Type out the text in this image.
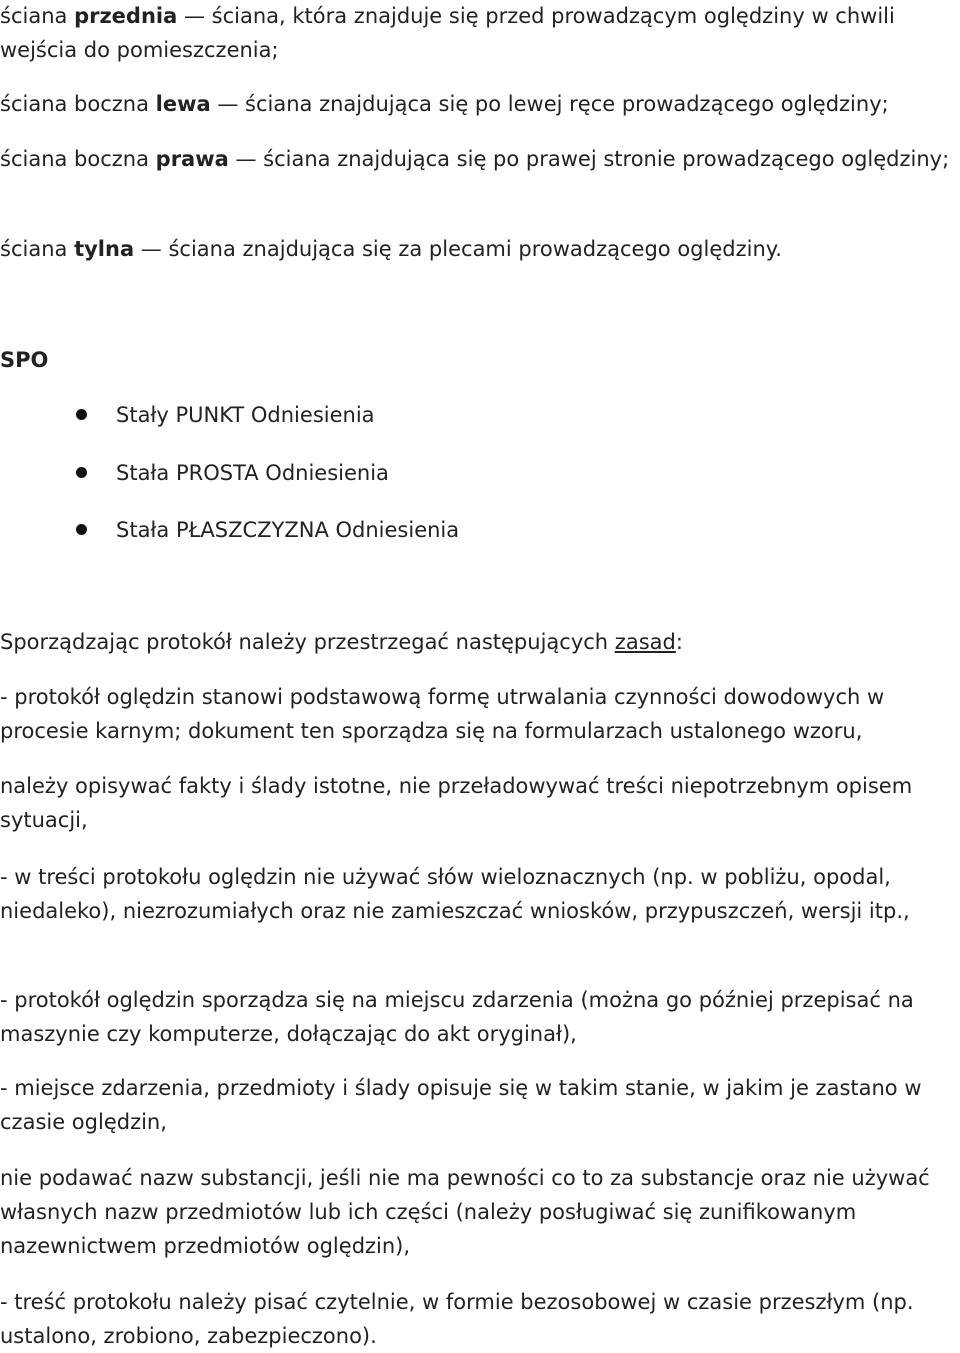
ściana przednia — ściana, która znajduje się przed prowadzącym oględziny w chwili wejścia do pomieszczenia;

ściana boczna lewa — ściana znajdująca się po lewej ręce prowadzącego oględziny;

ściana boczna prawa — ściana znajdująca się po prawej stronie prowadzącego oględziny;

ściana tylna — ściana znajdująca się za plecami prowadzącego oględziny.

SPO

Stały PUNKT Odniesienia
Stała PROSTA Odniesienia
Stała PŁASZCZYZNA Odniesienia

Sporządzając protokół należy przestrzegać następujących zasad:

- protokół oględzin stanowi podstawową formę utrwalania czynności dowodowych w procesie karnym; dokument ten sporządza się na formularzach ustalonego wzoru,

należy opisywać fakty i ślady istotne, nie przeładowywać treści niepotrzebnym opisem sytuacji,

- w treści protokołu oględzin nie używać słów wieloznacznych (np. w pobliżu, opodal, niedaleko), niezrozumiałych oraz nie zamieszczać wniosków, przypuszczeń, wersji itp.,

- protokół oględzin sporządza się na miejscu zdarzenia (można go później przepisać na maszynie czy komputerze, dołączając do akt oryginał),

- miejsce zdarzenia, przedmioty i ślady opisuje się w takim stanie, w jakim je zastano w czasie oględzin,

nie podawać nazw substancji, jeśli nie ma pewności co to za substancje oraz nie używać własnych nazw przedmiotów lub ich części (należy posługiwać się zunifikowanym nazewnictwem przedmiotów oględzin),

- treść protokołu należy pisać czytelnie, w formie bezosobowej w czasie przeszłym (np. ustalono, zrobiono, zabezpieczono).
